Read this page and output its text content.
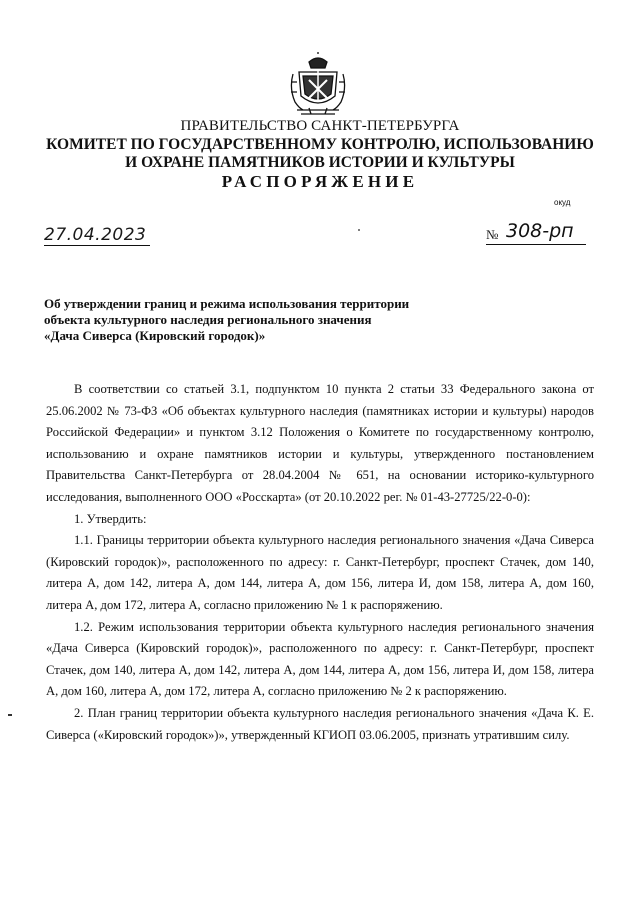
ПРАВИТЕЛЬСТВО САНКТ-ПЕТЕРБУРГА
КОМИТЕТ ПО ГОСУДАРСТВЕННОМУ КОНТРОЛЮ, ИСПОЛЬЗОВАНИЮ
И ОХРАНЕ ПАМЯТНИКОВ ИСТОРИИ И КУЛЬТУРЫ
РАСПОРЯЖЕНИЕ
окуд
27.04.2023	№ 308-рп
Об утверждении границ и режима использования территории
объекта культурного наследия регионального значения
«Дача Сиверса (Кировский городок)»

В соответствии со статьей 3.1, подпунктом 10 пункта 2 статьи 33 Федерального закона от 25.06.2002 № 73-ФЗ «Об объектах культурного наследия (памятниках истории и культуры) народов Российской Федерации» и пунктом 3.12 Положения о Комитете по государственному контролю, использованию и охране памятников истории и культуры, утвержденного постановлением Правительства Санкт-Петербурга от 28.04.2004 № 651, на основании историко-культурного исследования, выполненного ООО «Росскарта» (от 20.10.2022 рег. № 01-43-27725/22-0-0):

1. Утвердить:

1.1. Границы территории объекта культурного наследия регионального значения «Дача Сиверса (Кировский городок)», расположенного по адресу: г. Санкт-Петербург, проспект Стачек, дом 140, литера А, дом 142, литера А, дом 144, литера А, дом 156, литера И, дом 158, литера А, дом 160, литера А, дом 172, литера А, согласно приложению № 1 к распоряжению.

1.2. Режим использования территории объекта культурного наследия регионального значения «Дача Сиверса (Кировский городок)», расположенного по адресу: г. Санкт-Петербург, проспект Стачек, дом 140, литера А, дом 142, литера А, дом 144, литера А, дом 156, литера И, дом 158, литера А, дом 160, литера А, дом 172, литера А, согласно приложению № 2 к распоряжению.

2. План границ территории объекта культурного наследия регионального значения «Дача К. Е. Сиверса («Кировский городок»)», утвержденный КГИОП 03.06.2005, признать утратившим силу.
